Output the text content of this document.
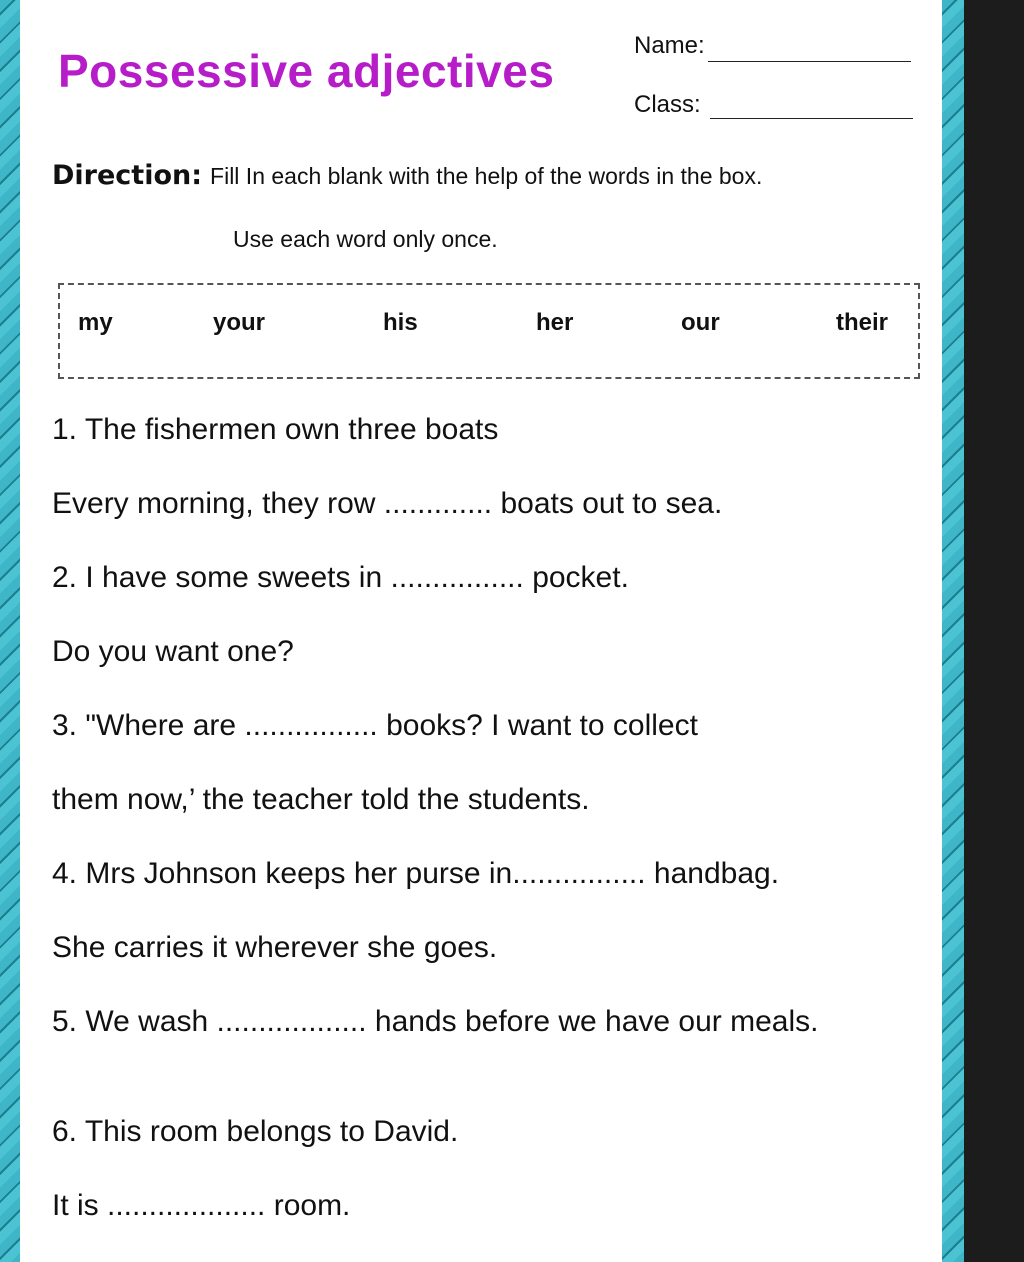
Possessive adjectives	Name:
Class:
Direction: Fill In each blank with the help of the words in the box.
Use each word only once.
my	your	his	her	our	their
1. The fishermen own three boats
Every morning, they row ............. boats out to sea.
2. I have some sweets in ................ pocket.
Do you want one?
3. "Where are ................ books? I want to collect
them now,’ the teacher told the students.
4. Mrs Johnson keeps her purse in................ handbag.
She carries it wherever she goes.
5. We wash .................. hands before we have our meals.
6. This room belongs to David.
It is ................... room.
